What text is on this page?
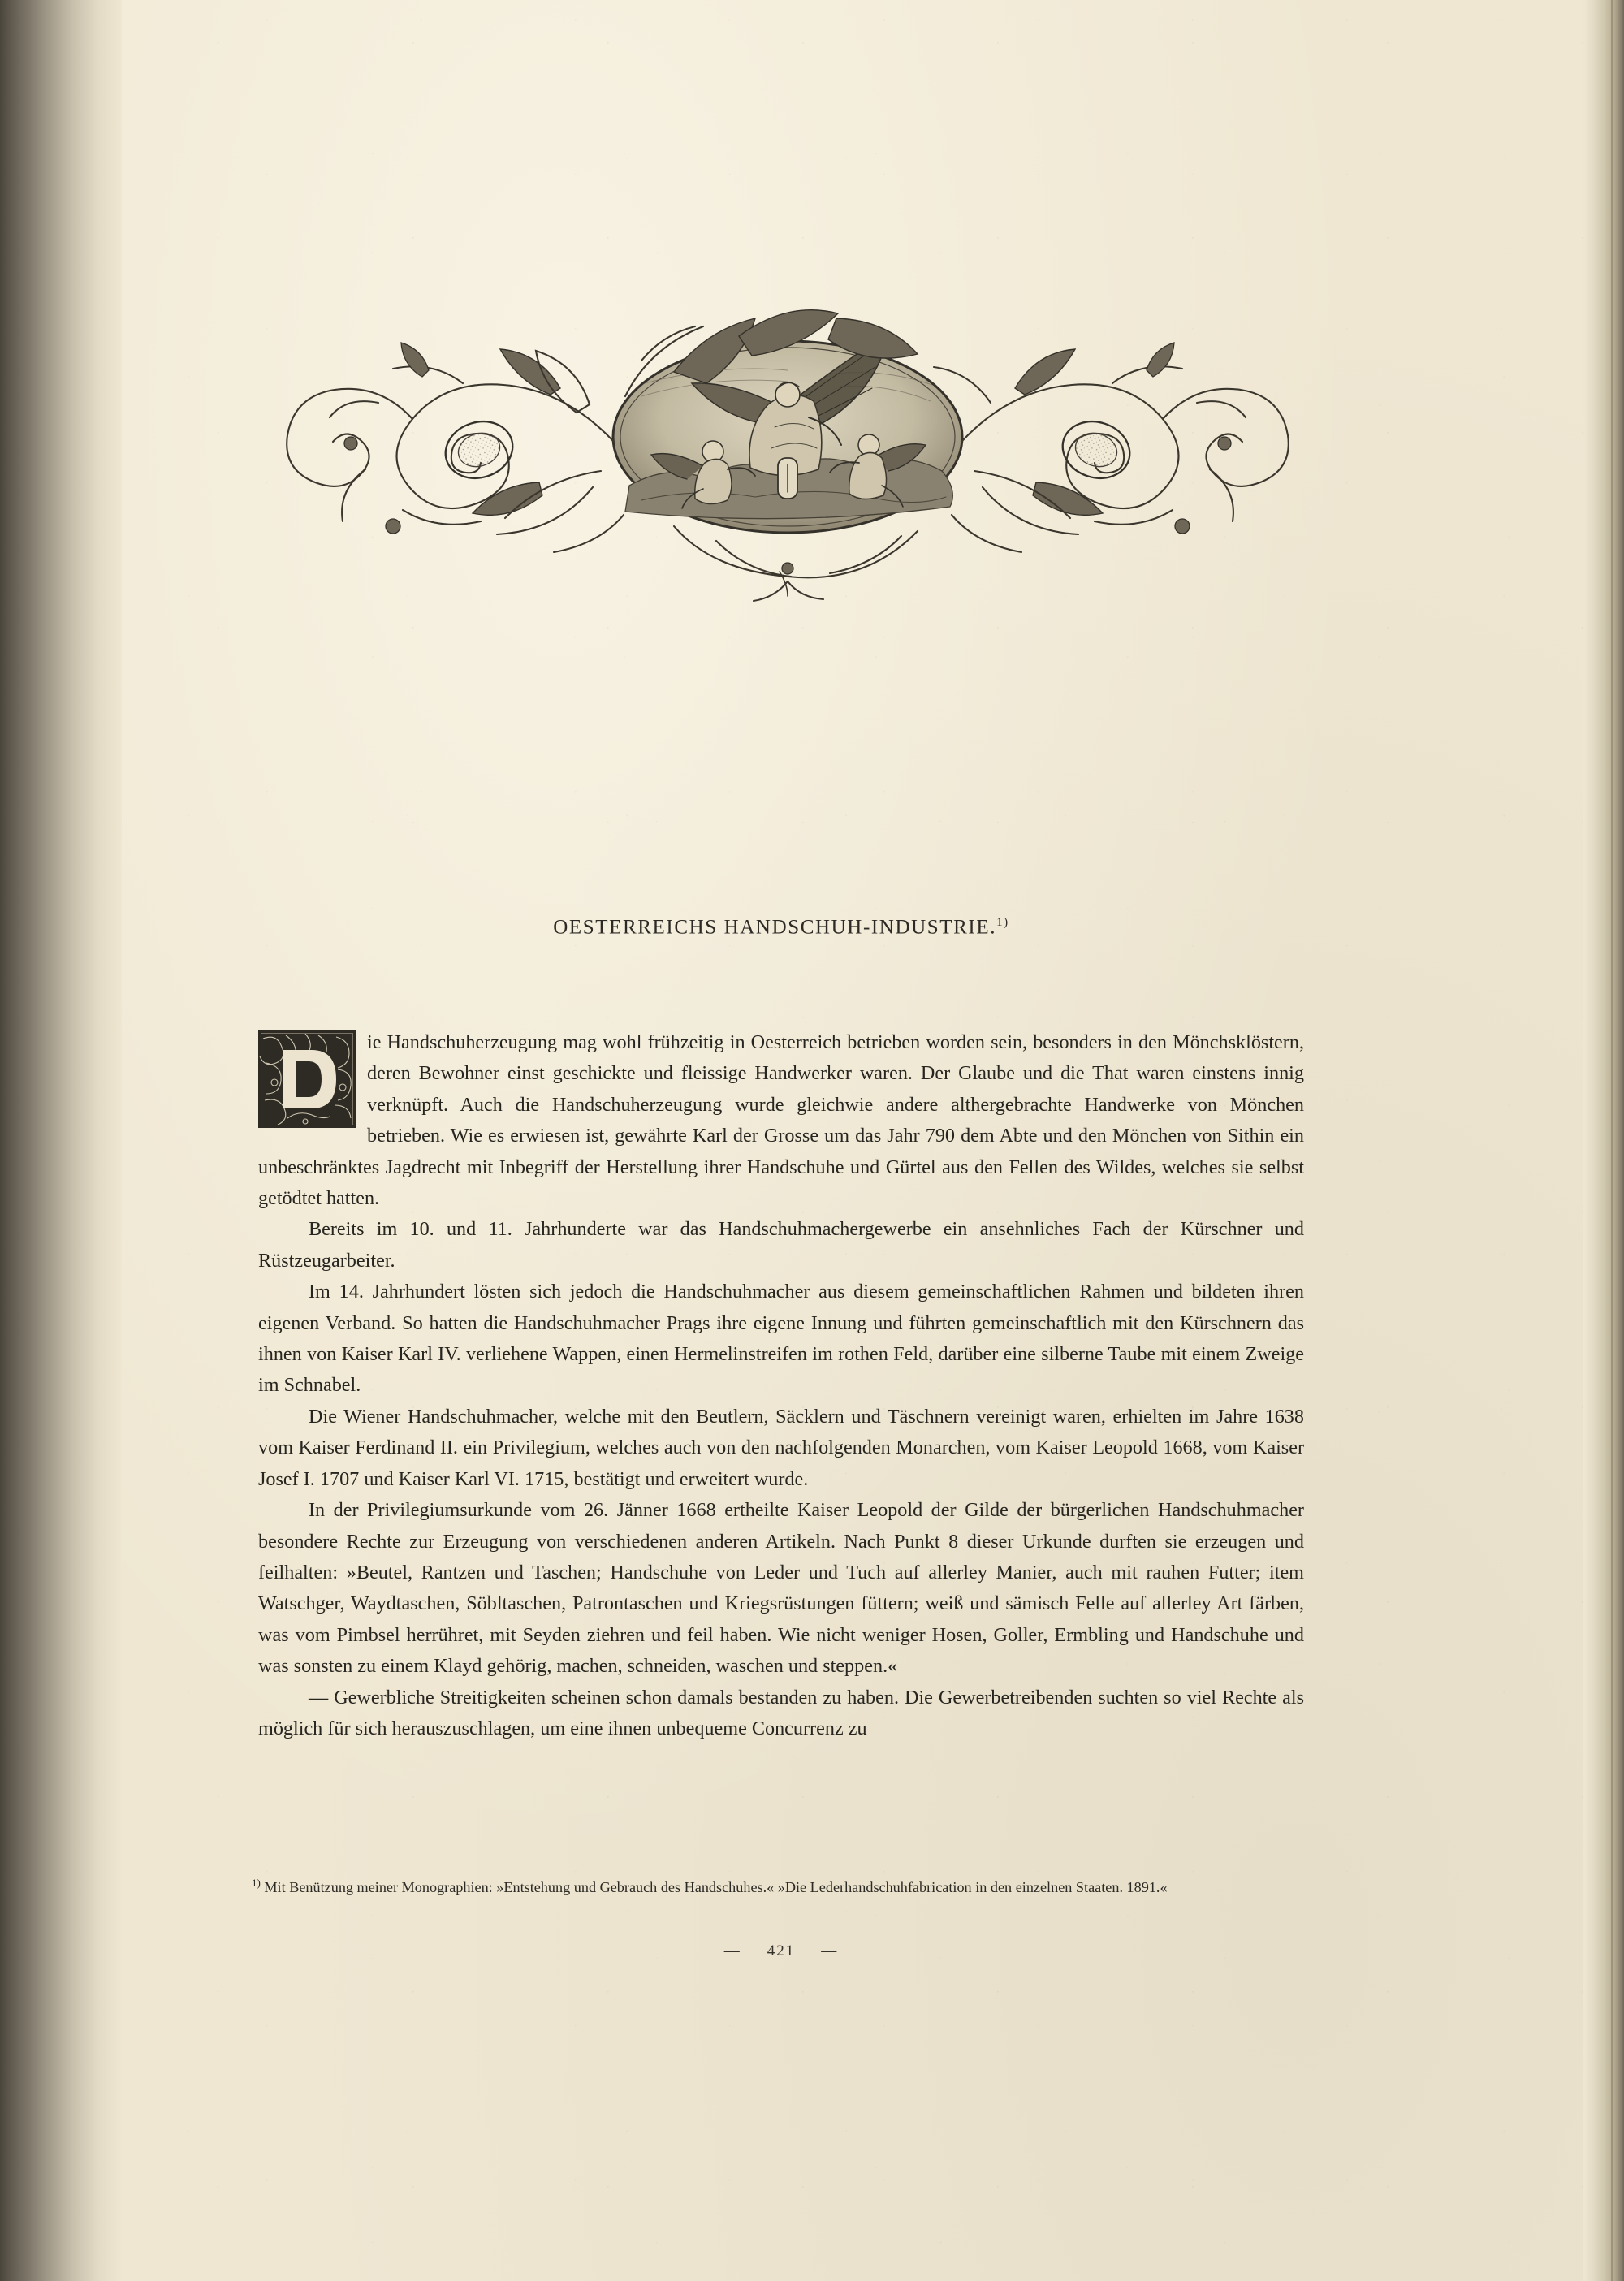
OESTERREICHS HANDSCHUH-INDUSTRIE.$^{1)}$

ie Handschuherzeugung mag wohl frühzeitig in Oesterreich betrieben worden sein, besonders in den Mönchsklöstern, deren Bewohner einst geschickte und fleissige Handwerker waren. Der Glaube und die That waren einstens innig verknüpft. Auch die Handschuherzeugung wurde gleichwie andere althergebrachte Handwerke von Mönchen betrieben. Wie es erwiesen ist, gewährte Karl der Grosse um das Jahr 790 dem Abte und den Mönchen von Sithin ein unbeschränktes Jagdrecht mit Inbegriff der Herstellung ihrer Handschuhe und Gürtel aus den Fellen des Wildes, welches sie selbst getödtet hatten.

Bereits im 10. und 11. Jahrhunderte war das Handschuhmachergewerbe ein ansehnliches Fach der Kürschner und Rüstzeugarbeiter.

Im 14. Jahrhundert lösten sich jedoch die Handschuhmacher aus diesem gemeinschaftlichen Rahmen und bildeten ihren eigenen Verband. So hatten die Handschuhmacher Prags ihre eigene Innung und führten gemeinschaftlich mit den Kürschnern das ihnen von Kaiser Karl IV. verliehene Wappen, einen Hermelinstreifen im rothen Feld, darüber eine silberne Taube mit einem Zweige im Schnabel.

Die Wiener Handschuhmacher, welche mit den Beutlern, Säcklern und Täschnern vereinigt waren, erhielten im Jahre 1638 vom Kaiser Ferdinand II. ein Privilegium, welches auch von den nachfolgenden Monarchen, vom Kaiser Leopold 1668, vom Kaiser Josef I. 1707 und Kaiser Karl VI. 1715, bestätigt und erweitert wurde.

In der Privilegiumsurkunde vom 26. Jänner 1668 ertheilte Kaiser Leopold der Gilde der bürgerlichen Handschuhmacher besondere Rechte zur Erzeugung von verschiedenen anderen Artikeln. Nach Punkt 8 dieser Urkunde durften sie erzeugen und feilhalten: »Beutel, Rantzen und Taschen; Handschuhe von Leder und Tuch auf allerley Manier, auch mit rauhen Futter; item Watschger, Waydtaschen, Söbltaschen, Patrontaschen und Kriegsrüstungen füttern; weiß und sämisch Felle auf allerley Art färben, was vom Pimbsel herrühret, mit Seyden ziehren und feil haben. Wie nicht weniger Hosen, Goller, Ermbling und Handschuhe und was sonsten zu einem Klayd gehörig, machen, schneiden, waschen und steppen.«

— Gewerbliche Streitigkeiten scheinen schon damals bestanden zu haben. Die Gewerbetreibenden suchten so viel Rechte als möglich für sich herauszuschlagen, um eine ihnen unbequeme Concurrenz zu

— 421 —
$^{1)}$ Mit Benützung meiner Monographien: »Entstehung und Gebrauch des Handschuhes.« »Die Lederhandschuhfabrication in den einzelnen Staaten. 1891.«
